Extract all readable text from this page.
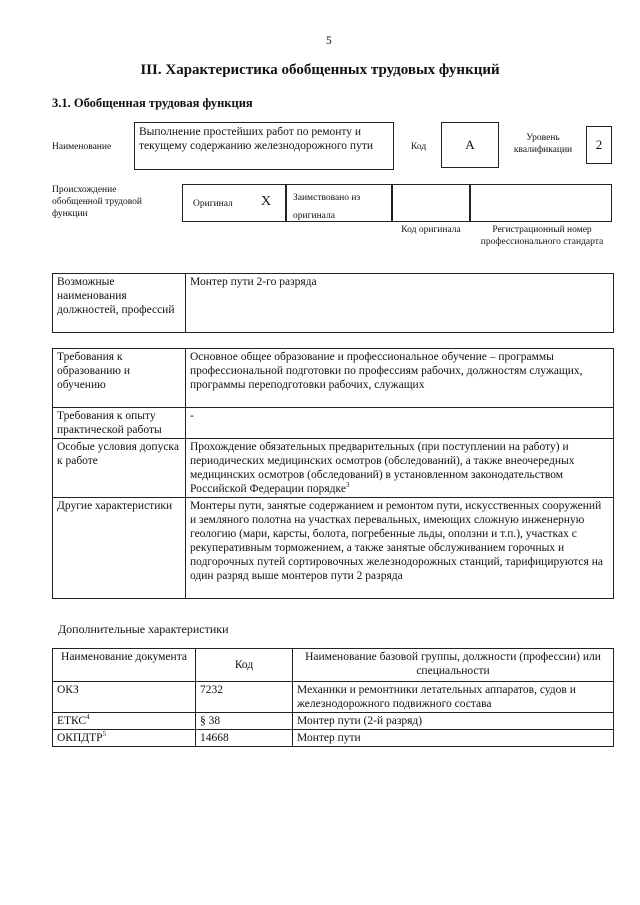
5
III. Характеристика обобщенных трудовых функций
3.1. Обобщенная трудовая функция
Наименование
Выполнение простейших работ по ремонту и текущему содержанию железнодорожного пути	Код	А	Уровень квалификации	2
Происхождение обобщенной трудовой функции
Оригинал X	Заимствовано из оригинала
Код оригинала	Регистрационный номер профессионального стандарта
Возможные наименования должностей, профессий	Монтер пути 2-го разряда
Требования к образованию и обучению	Основное общее образование и профессиональное обучение – программы профессиональной подготовки по профессиям рабочих, должностям служащих, программы переподготовки рабочих, служащих
Требования к опыту практической работы	-
Особые условия допуска к работе	Прохождение обязательных предварительных (при поступлении на работу) и периодических медицинских осмотров (обследований), а также внеочередных медицинских осмотров (обследований) в установленном законодательством Российской Федерации порядке$^3$
Другие характеристики	Монтеры пути, занятые содержанием и ремонтом пути, искусственных сооружений и земляного полотна на участках перевальных, имеющих сложную инженерную геологию (мари, карсты, болота, погребенные льды, оползни и т.п.), участках с рекуперативным торможением, а также занятые обслуживанием горочных и подгорочных путей сортировочных железнодорожных станций, тарифицируются на один разряд выше монтеров пути 2 разряда
Дополнительные характеристики
Наименование документа	Код	Наименование базовой группы, должности (профессии) или специальности
ОКЗ	7232	Механики и ремонтники летательных аппаратов, судов и железнодорожного подвижного состава
ЕТКС$^4$	§ 38	Монтер пути (2-й разряд)
ОКПДТР$^5$	14668	Монтер пути
